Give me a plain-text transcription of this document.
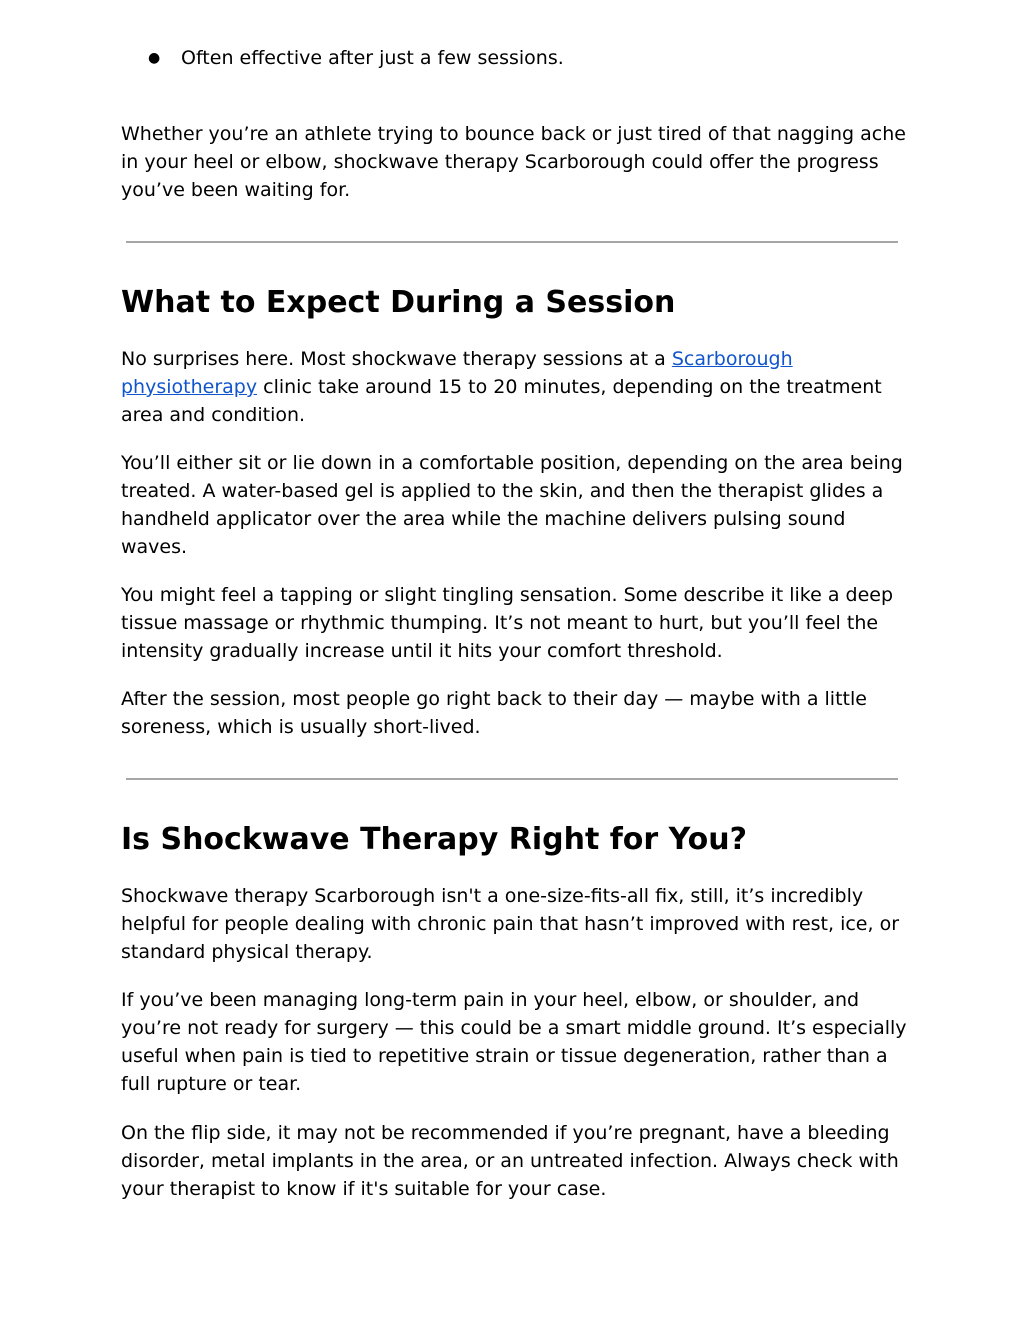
●	Often effective after just a few sessions.

Whether you’re an athlete trying to bounce back or just tired of that nagging ache in your heel or elbow, shockwave therapy Scarborough could offer the progress you’ve been waiting for.

What to Expect During a Session

No surprises here. Most shockwave therapy sessions at a Scarborough physiotherapy clinic take around 15 to 20 minutes, depending on the treatment area and condition.

You’ll either sit or lie down in a comfortable position, depending on the area being treated. A water-based gel is applied to the skin, and then the therapist glides a handheld applicator over the area while the machine delivers pulsing sound waves.

You might feel a tapping or slight tingling sensation. Some describe it like a deep tissue massage or rhythmic thumping. It’s not meant to hurt, but you’ll feel the intensity gradually increase until it hits your comfort threshold.

After the session, most people go right back to their day — maybe with a little soreness, which is usually short-lived.

Is Shockwave Therapy Right for You?

Shockwave therapy Scarborough isn't a one-size-fits-all fix, still, it’s incredibly helpful for people dealing with chronic pain that hasn’t improved with rest, ice, or standard physical therapy.

If you’ve been managing long-term pain in your heel, elbow, or shoulder, and you’re not ready for surgery — this could be a smart middle ground. It’s especially useful when pain is tied to repetitive strain or tissue degeneration, rather than a full rupture or tear.

On the flip side, it may not be recommended if you’re pregnant, have a bleeding disorder, metal implants in the area, or an untreated infection. Always check with your therapist to know if it's suitable for your case.
